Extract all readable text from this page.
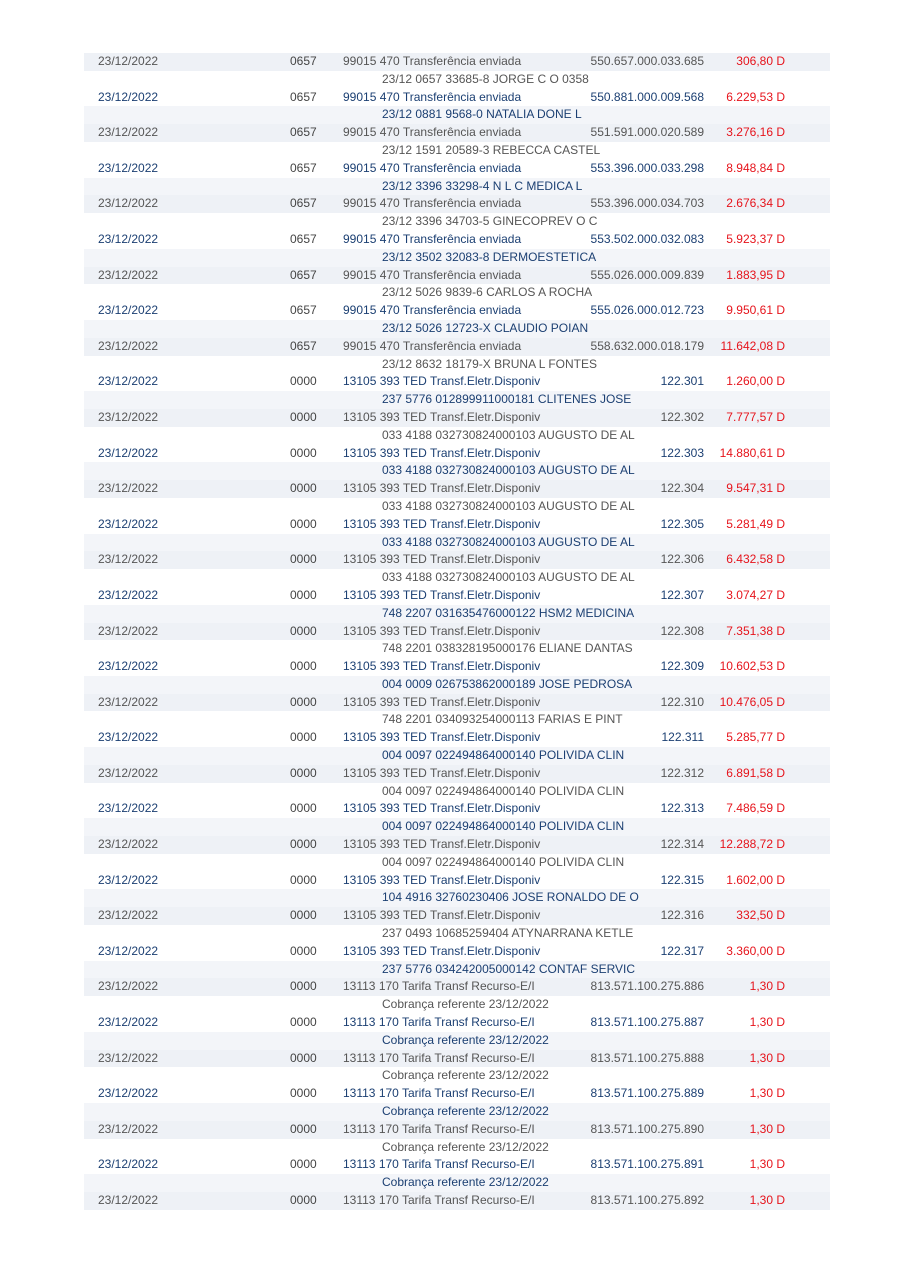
23/12/2022	0657 99015 470 Transferência enviada	550.657.000.033.685	306,80 D
23/12 0657 33685-8 JORGE C O 0358
23/12/2022	0657 99015 470 Transferência enviada	550.881.000.009.568 6.229,53 D
23/12 0881 9568-0 NATALIA DONE L
23/12/2022	0657 99015 470 Transferência enviada	551.591.000.020.589 3.276,16 D
23/12 1591 20589-3 REBECCA CASTEL
23/12/2022	0657 99015 470 Transferência enviada	553.396.000.033.298 8.948,84 D
23/12 3396 33298-4 N L C MEDICA L
23/12/2022	0657 99015 470 Transferência enviada	553.396.000.034.703 2.676,34 D
23/12 3396 34703-5 GINECOPREV O C
23/12/2022	0657 99015 470 Transferência enviada	553.502.000.032.083 5.923,37 D
23/12 3502 32083-8 DERMOESTETICA
23/12/2022	0657 99015 470 Transferência enviada	555.026.000.009.839 1.883,95 D
23/12 5026 9839-6 CARLOS A ROCHA
23/12/2022	0657 99015 470 Transferência enviada	555.026.000.012.723 9.950,61 D
23/12 5026 12723-X CLAUDIO POIAN
23/12/2022	0657 99015 470 Transferência enviada	558.632.000.018.179 11.642,08 D
23/12 8632 18179-X BRUNA L FONTES
23/12/2022	0000 13105 393 TED Transf.Eletr.Disponiv	122.301 1.260,00 D
237 5776 012899911000181 CLITENES JOSE
23/12/2022	0000 13105 393 TED Transf.Eletr.Disponiv	122.302 7.777,57 D
033 4188 032730824000103 AUGUSTO DE AL
23/12/2022	0000 13105 393 TED Transf.Eletr.Disponiv	122.303 14.880,61 D
033 4188 032730824000103 AUGUSTO DE AL
23/12/2022	0000 13105 393 TED Transf.Eletr.Disponiv	122.304 9.547,31 D
033 4188 032730824000103 AUGUSTO DE AL
23/12/2022	0000 13105 393 TED Transf.Eletr.Disponiv	122.305 5.281,49 D
033 4188 032730824000103 AUGUSTO DE AL
23/12/2022	0000 13105 393 TED Transf.Eletr.Disponiv	122.306 6.432,58 D
033 4188 032730824000103 AUGUSTO DE AL
23/12/2022	0000 13105 393 TED Transf.Eletr.Disponiv	122.307 3.074,27 D
748 2207 031635476000122 HSM2 MEDICINA
23/12/2022	0000 13105 393 TED Transf.Eletr.Disponiv	122.308 7.351,38 D
748 2201 038328195000176 ELIANE DANTAS
23/12/2022	0000 13105 393 TED Transf.Eletr.Disponiv	122.309 10.602,53 D
004 0009 026753862000189 JOSE PEDROSA
23/12/2022	0000 13105 393 TED Transf.Eletr.Disponiv	122.310 10.476,05 D
748 2201 034093254000113 FARIAS E PINT
23/12/2022	0000 13105 393 TED Transf.Eletr.Disponiv	122.311 5.285,77 D
004 0097 022494864000140 POLIVIDA CLIN
23/12/2022	0000 13105 393 TED Transf.Eletr.Disponiv	122.312 6.891,58 D
004 0097 022494864000140 POLIVIDA CLIN
23/12/2022	0000 13105 393 TED Transf.Eletr.Disponiv	122.313 7.486,59 D
004 0097 022494864000140 POLIVIDA CLIN
23/12/2022	0000 13105 393 TED Transf.Eletr.Disponiv	122.314 12.288,72 D
004 0097 022494864000140 POLIVIDA CLIN
23/12/2022	0000 13105 393 TED Transf.Eletr.Disponiv	122.315 1.602,00 D
104 4916 32760230406 JOSE RONALDO DE O
23/12/2022	0000 13105 393 TED Transf.Eletr.Disponiv	122.316	332,50 D
237 0493 10685259404 ATYNARRANA KETLE
23/12/2022	0000 13105 393 TED Transf.Eletr.Disponiv	122.317 3.360,00 D
237 5776 034242005000142 CONTAF SERVIC
23/12/2022	0000 13113 170 Tarifa Transf Recurso-E/I	813.571.100.275.886	1,30 D
Cobrança referente 23/12/2022
23/12/2022	0000 13113 170 Tarifa Transf Recurso-E/I	813.571.100.275.887	1,30 D
Cobrança referente 23/12/2022
23/12/2022	0000 13113 170 Tarifa Transf Recurso-E/I	813.571.100.275.888	1,30 D
Cobrança referente 23/12/2022
23/12/2022	0000 13113 170 Tarifa Transf Recurso-E/I	813.571.100.275.889	1,30 D
Cobrança referente 23/12/2022
23/12/2022	0000 13113 170 Tarifa Transf Recurso-E/I	813.571.100.275.890	1,30 D
Cobrança referente 23/12/2022
23/12/2022	0000 13113 170 Tarifa Transf Recurso-E/I	813.571.100.275.891	1,30 D
Cobrança referente 23/12/2022
23/12/2022	0000 13113 170 Tarifa Transf Recurso-E/I	813.571.100.275.892	1,30 D
